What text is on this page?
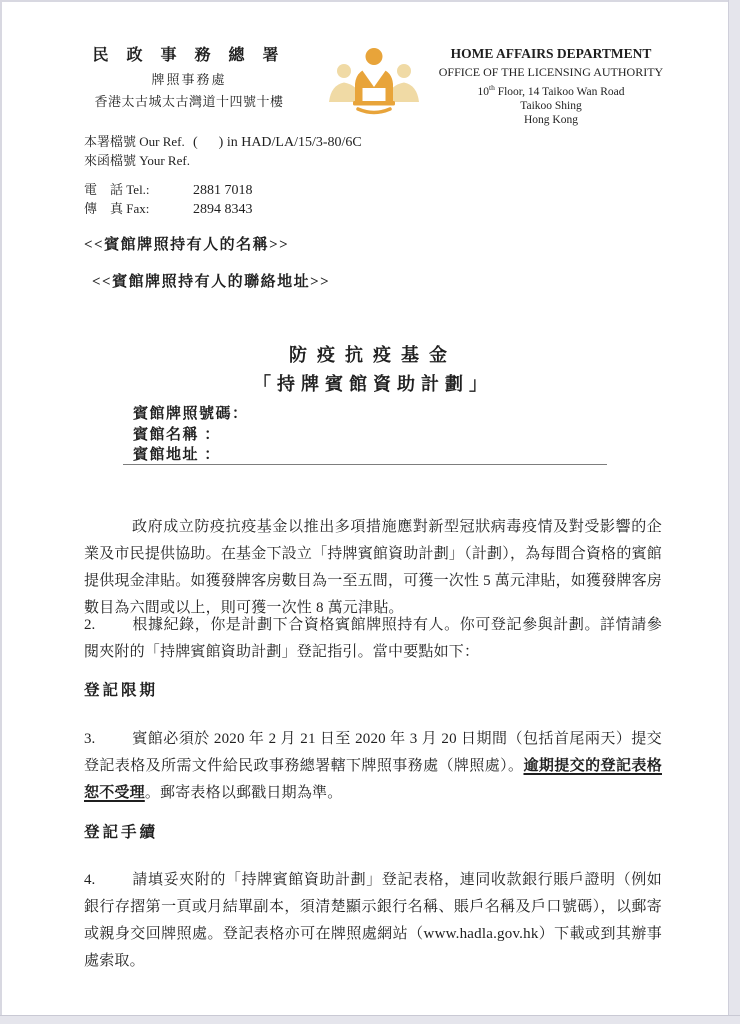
民 政 事 務 總 署
牌照事務處
香港太古城太古灣道十四號十樓
HOME AFFAIRS DEPARTMENT
OFFICE OF THE LICENSING AUTHORITY
10th Floor, 14 Taikoo Wan Road
Taikoo Shing
Hong Kong
本署檔號 Our Ref. (      ) in HAD/LA/15/3-80/6C
來函檔號 Your Ref.
電　話 Tel.:	2881 7018
傳　真 Fax:	2894 8343
<<賓館牌照持有人的名稱>>
<<賓館牌照持有人的聯絡地址>>
防疫抗疫基金
「持牌賓館資助計劃」
賓館牌照號碼：
賓館名稱 ：
賓館地址 ：

政府成立防疫抗疫基金以推出多項措施應對新型冠狀病毒疫情及對受影響的企業及市民提供協助。在基金下設立「持牌賓館資助計劃」（計劃），為每間合資格的賓館提供現金津貼。如獲發牌客房數目為一至五間，可獲一次性 5 萬元津貼，如獲發牌客房數目為六間或以上，則可獲一次性 8 萬元津貼。

2. 根據紀錄，你是計劃下合資格賓館牌照持有人。你可登記參與計劃。詳情請參閱夾附的「持牌賓館資助計劃」登記指引。當中要點如下：

登記限期

3. 賓館必須於 2020 年 2 月 21 日至 2020 年 3 月 20 日期間（包括首尾兩天）提交登記表格及所需文件給民政事務總署轄下牌照事務處（牌照處）。逾期提交的登記表格恕不受理。郵寄表格以郵戳日期為準。

登記手續

4. 請填妥夾附的「持牌賓館資助計劃」登記表格，連同收款銀行賬戶證明（例如銀行存摺第一頁或月結單副本，須清楚顯示銀行名稱、賬戶名稱及戶口號碼），以郵寄或親身交回牌照處。登記表格亦可在牌照處網站（www.hadla.gov.hk）下載或到其辦事處索取。
